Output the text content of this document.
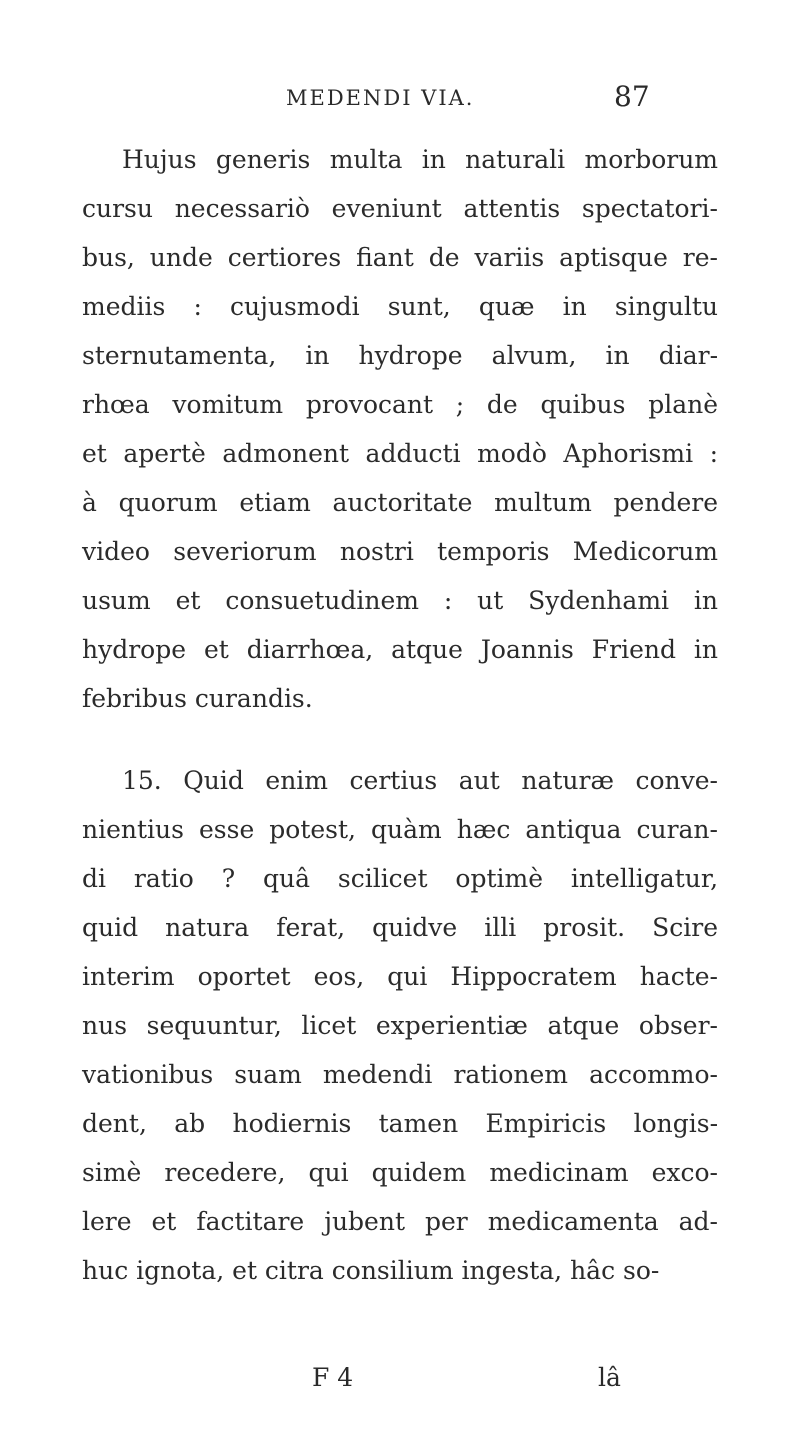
MEDENDI VIA.	87
Hujus generis multa in naturali morborum
cursu necessariò eveniunt attentis spectatori-
bus, unde certiores fiant de variis aptisque re-
mediis : cujusmodi sunt, quæ in singultu
sternutamenta, in hydrope alvum, in diar-
rhœa vomitum provocant ; de quibus planè
et apertè admonent adducti modò Aphorismi :
à quorum etiam auctoritate multum pendere
video severiorum nostri temporis Medicorum
usum et consuetudinem : ut Sydenhami in
hydrope et diarrhœa, atque Joannis Friend in
febribus curandis.
15. Quid enim certius aut naturæ conve-
nientius esse potest, quàm hæc antiqua curan-
di ratio ? quâ scilicet optimè intelligatur,
quid natura ferat, quidve illi prosit. Scire
interim oportet eos, qui Hippocratem hacte-
nus sequuntur, licet experientiæ atque obser-
vationibus suam medendi rationem accommo-
dent, ab hodiernis tamen Empiricis longis-
simè recedere, qui quidem medicinam exco-
lere et factitare jubent per medicamenta ad-
huc ignota, et citra consilium ingesta, hâc so-
F 4	lâ
